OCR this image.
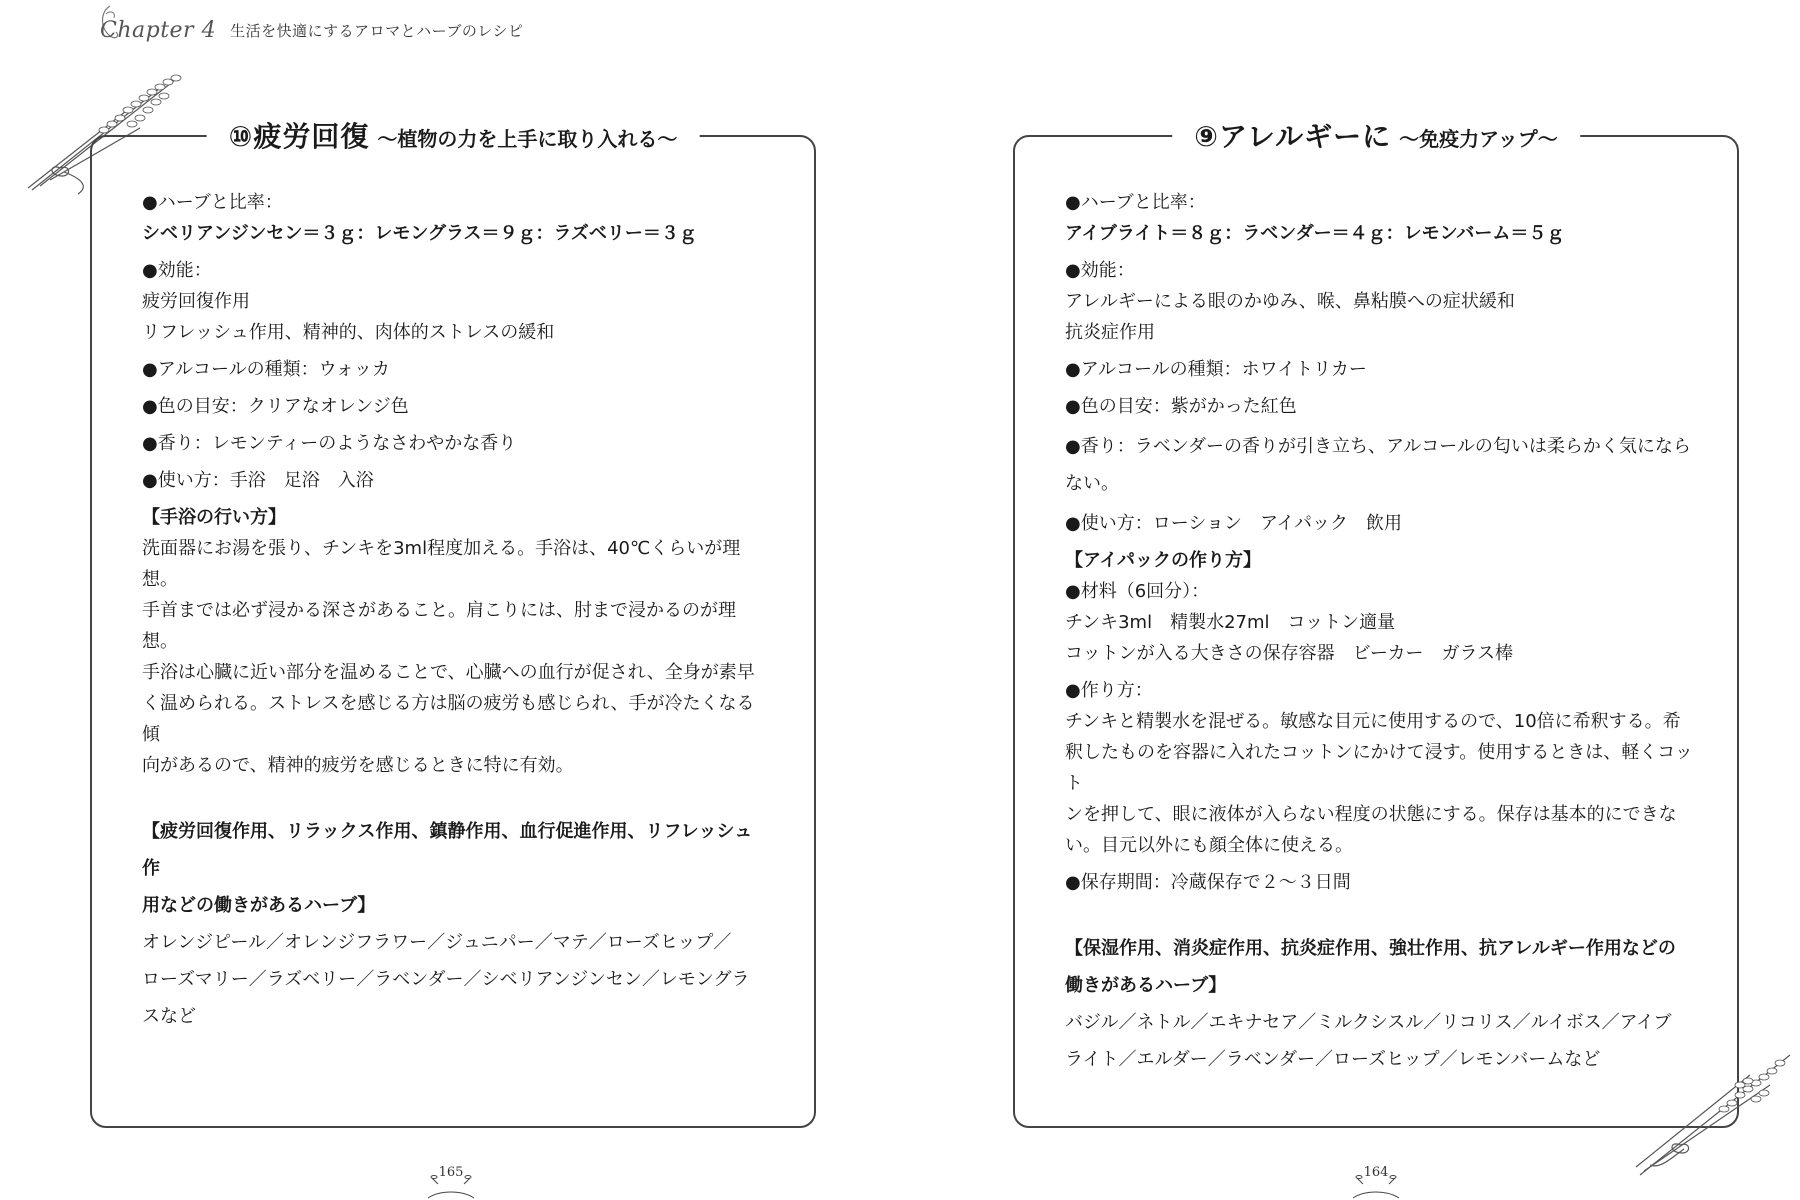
Chapter 4 生活を快適にするアロマとハーブのレシピ
⑩疲労回復 〜植物の力を上手に取り入れる〜

●ハーブと比率：

シベリアンジンセン＝３ｇ：レモングラス＝９ｇ：ラズベリー＝３ｇ

●効能：

疲労回復作用

リフレッシュ作用、精神的、肉体的ストレスの緩和

●アルコールの種類：ウォッカ

●色の目安：クリアなオレンジ色

●香り：レモンティーのようなさわやかな香り

●使い方：手浴　足浴　入浴

【手浴の行い方】

洗面器にお湯を張り、チンキを3ml程度加える。手浴は、40℃くらいが理想。

手首までは必ず浸かる深さがあること。肩こりには、肘まで浸かるのが理想。

手浴は心臓に近い部分を温めることで、心臓への血行が促され、全身が素早

く温められる。ストレスを感じる方は脳の疲労も感じられ、手が冷たくなる傾

向があるので、精神的疲労を感じるときに特に有効。

【疲労回復作用、リラックス作用、鎮静作用、血行促進作用、リフレッシュ作

用などの働きがあるハーブ】

オレンジピール／オレンジフラワー／ジュニパー／マテ／ローズヒップ／

ローズマリー／ラズベリー／ラベンダー／シベリアンジンセン／レモングラ

スなど

⑨アレルギーに 〜免疫力アップ〜

●ハーブと比率：

アイブライト＝８ｇ：ラベンダー＝４ｇ：レモンバーム＝５ｇ

●効能：

アレルギーによる眼のかゆみ、喉、鼻粘膜への症状緩和

抗炎症作用

●アルコールの種類：ホワイトリカー

●色の目安：紫がかった紅色

●香り：ラベンダーの香りが引き立ち、アルコールの匂いは柔らかく気になら

ない。

●使い方：ローション　アイパック　飲用

【アイパックの作り方】

●材料（6回分）：

チンキ3ml　精製水27ml　コットン適量

コットンが入る大きさの保存容器　ビーカー　ガラス棒

●作り方：

チンキと精製水を混ぜる。敏感な目元に使用するので、10倍に希釈する。希

釈したものを容器に入れたコットンにかけて浸す。使用するときは、軽くコット

ンを押して、眼に液体が入らない程度の状態にする。保存は基本的にできな

い。目元以外にも顔全体に使える。

●保存期間：冷蔵保存で２〜３日間

【保湿作用、消炎症作用、抗炎症作用、強壮作用、抗アレルギー作用などの

働きがあるハーブ】

バジル／ネトル／エキナセア／ミルクシスル／リコリス／ルイボス／アイブ

ライト／エルダー／ラベンダー／ローズヒップ／レモンバームなど

165	164
